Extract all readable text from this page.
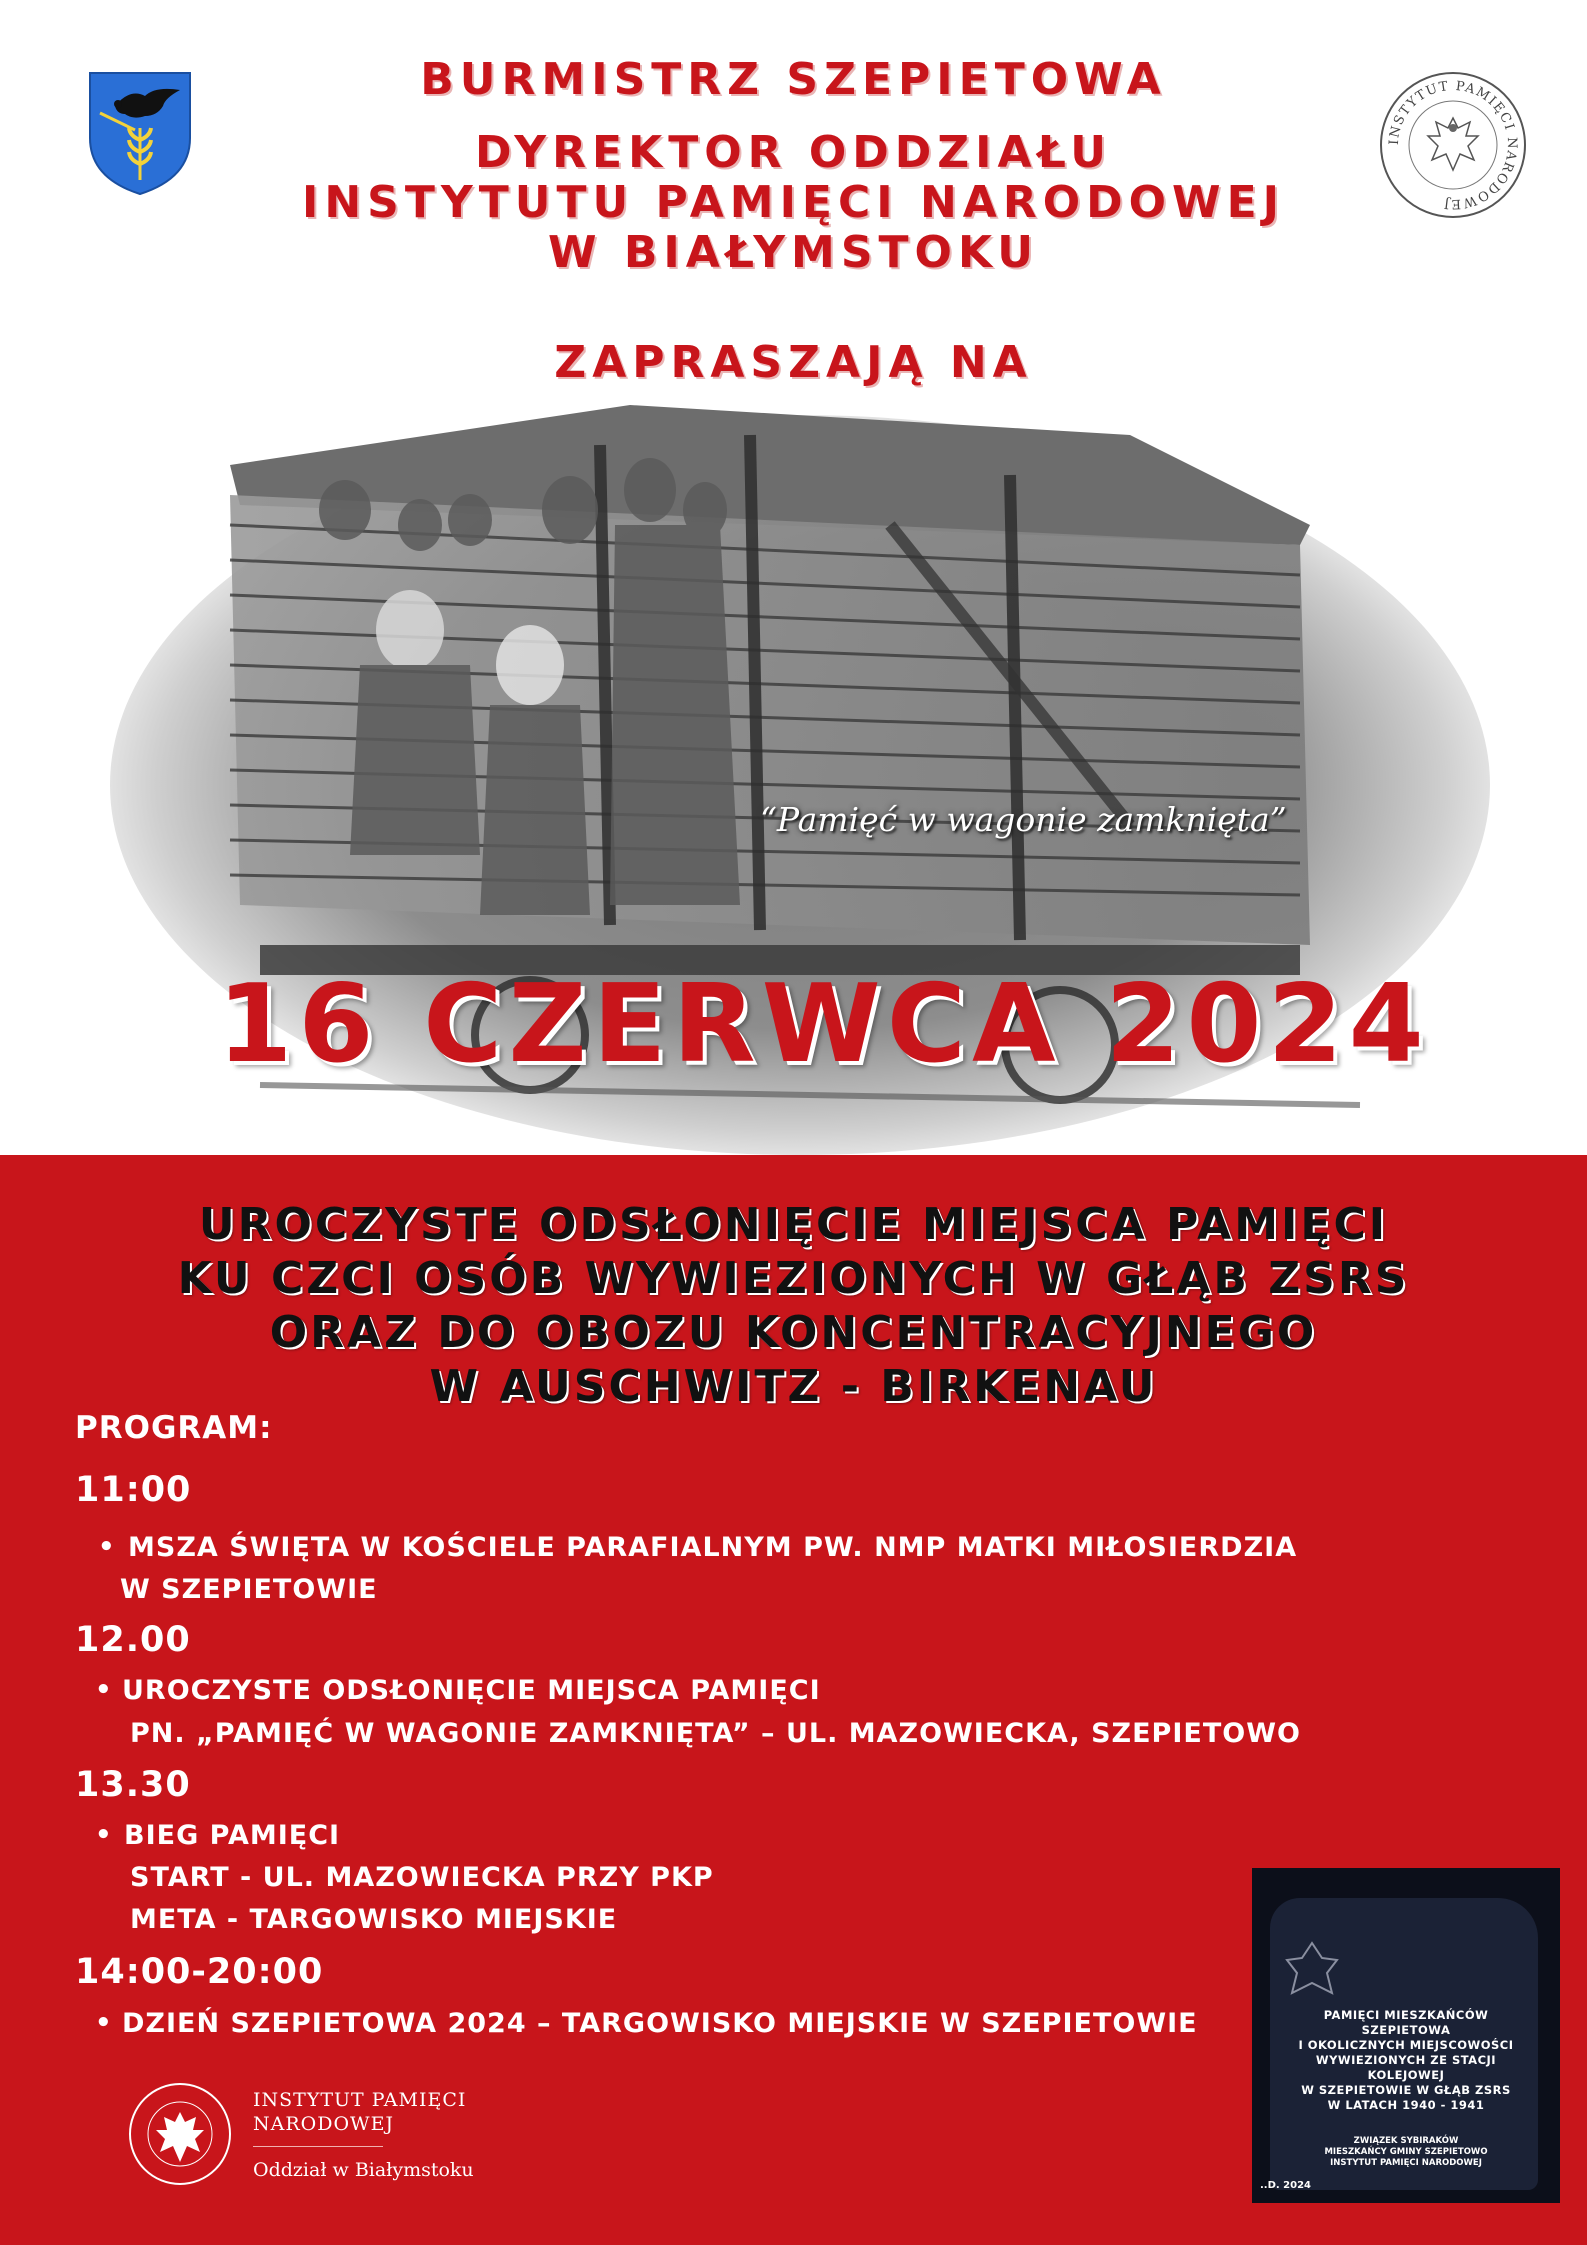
INSTYTUT PAMIĘCI NARODOWEJ
BURMISTRZ SZEPIETOWA
DYREKTOR ODDZIAŁU
INSTYTUTU PAMIĘCI NARODOWEJ
W BIAŁYMSTOKU
ZAPRASZAJĄ NA
“Pamięć w wagonie zamknięta”
16 CZERWCA 2024
UROCZYSTE ODSŁONIĘCIE MIEJSCA PAMIĘCI
KU CZCI OSÓB WYWIEZIONYCH W GŁĄB ZSRS
ORAZ DO OBOZU KONCENTRACYJNEGO
W AUSCHWITZ - BIRKENAU
PROGRAM:
11:00
• MSZA ŚWIĘTA W KOŚCIELE PARAFIALNYM PW. NMP MATKI MIŁOSIERDZIA
W SZEPIETOWIE
12.00
• UROCZYSTE ODSŁONIĘCIE MIEJSCA PAMIĘCI
PN. „PAMIĘĆ W WAGONIE ZAMKNIĘTA” – UL. MAZOWIECKA, SZEPIETOWO
13.30
• BIEG PAMIĘCI
START - UL. MAZOWIECKA PRZY PKP
META - TARGOWISKO MIEJSKIE
14:00-20:00
• DZIEŃ SZEPIETOWA 2024 – TARGOWISKO MIEJSKIE W SZEPIETOWIE
INSTYTUT PAMIĘCI
NARODOWEJ
Oddział w Białymstoku
PAMIĘCI MIESZKAŃCÓW
SZEPIETOWA
I OKOLICZNYCH MIEJSCOWOŚCI
WYWIEZIONYCH ZE STACJI
KOLEJOWEJ
W SZEPIETOWIE W GŁĄB ZSRS
W LATACH 1940 - 1941
ZWIĄZEK SYBIRAKÓW
MIESZKAŃCY GMINY SZEPIETOWO
INSTYTUT PAMIĘCI NARODOWEJ
..D. 2024
